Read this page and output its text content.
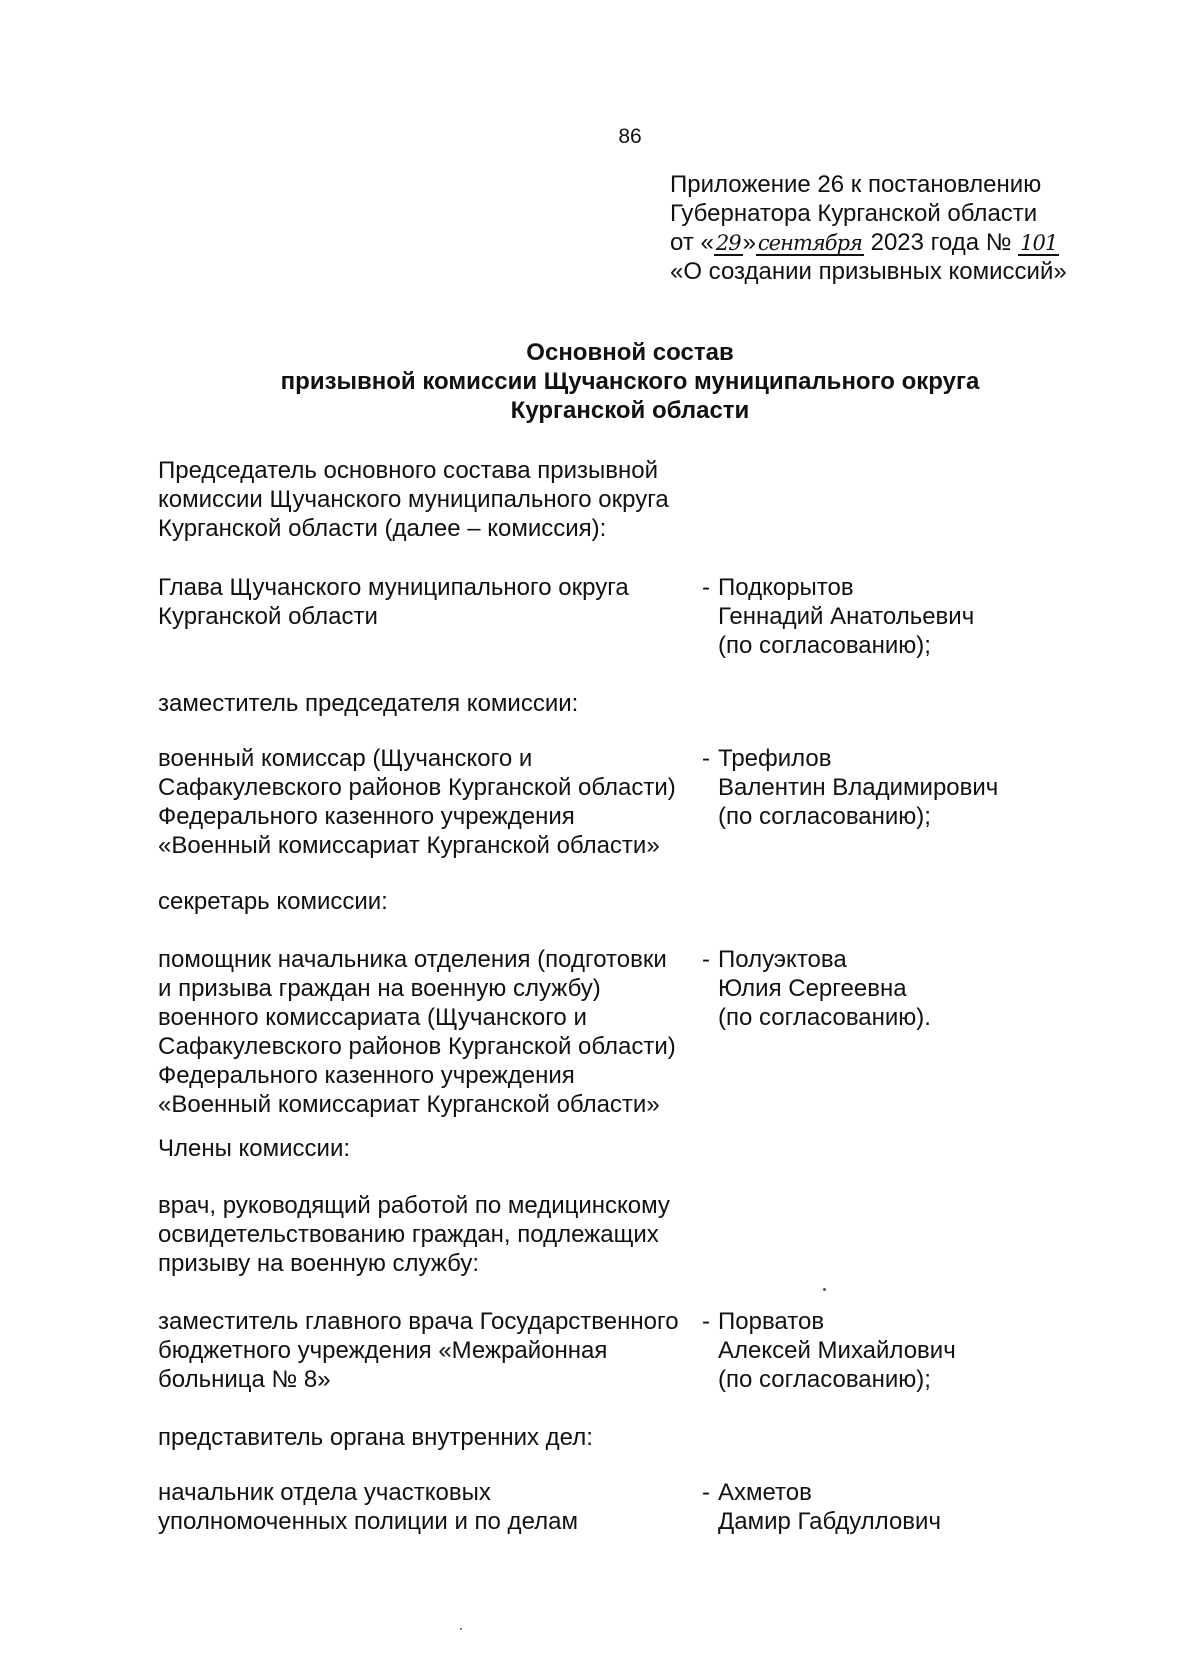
86
Приложение 26 к постановлению
Губернатора Курганской области
от «29»сентября 2023 года № 101
«О создании призывных комиссий»
Основной состав
призывной комиссии Щучанского муниципального округа
Курганской области
Председатель основного состава призывной
комиссии Щучанского муниципального округа
Курганской области (далее – комиссия):
Глава Щучанского муниципального округа
Курганской области
- Подкорытов
Геннадий Анатольевич
(по согласованию);
заместитель председателя комиссии:
военный комиссар (Щучанского и
Сафакулевского районов Курганской области)
Федерального казенного учреждения
«Военный комиссариат Курганской области»
- Трефилов
Валентин Владимирович
(по согласованию);
секретарь комиссии:
помощник начальника отделения (подготовки
и призыва граждан на военную службу)
военного комиссариата (Щучанского и
Сафакулевского районов Курганской области)
Федерального казенного учреждения
«Военный комиссариат Курганской области»
- Полуэктова
Юлия Сергеевна
(по согласованию).
Члены комиссии:
врач, руководящий работой по медицинскому
освидетельствованию граждан, подлежащих
призыву на военную службу:
заместитель главного врача Государственного
бюджетного учреждения «Межрайонная
больница № 8»
- Порватов
Алексей Михайлович
(по согласованию);
представитель органа внутренних дел:
начальник отдела участковых
уполномоченных полиции и по делам
- Ахметов
Дамир Габдуллович
